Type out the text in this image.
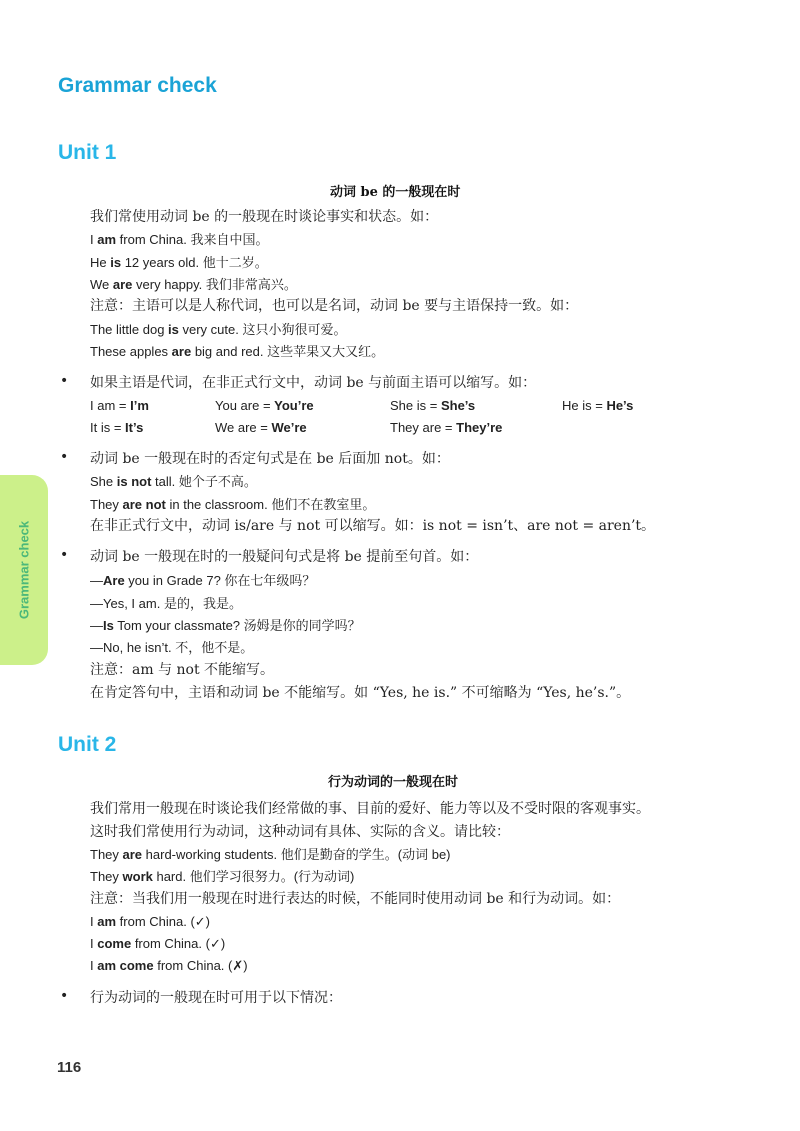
Grammar check
Grammar check
Unit 1
动词 be 的一般现在时
我们常使用动词 be 的一般现在时谈论事实和状态。如：
I am from China. 我来自中国。
He is 12 years old. 他十二岁。
We are very happy. 我们非常高兴。
注意：主语可以是人称代词，也可以是名词，动词 be 要与主语保持一致。如：
The little dog is very cute. 这只小狗很可爱。
These apples are big and red. 这些苹果又大又红。
• 如果主语是代词，在非正式行文中，动词 be 与前面主语可以缩写。如：
I am = I’m	You are = You’re	She is = She’s	He is = He’s
It is = It’s	We are = We’re	They are = They’re
• 动词 be 一般现在时的否定句式是在 be 后面加 not。如：
She is not tall. 她个子不高。
They are not in the classroom. 他们不在教室里。
在非正式行文中，动词 is/are 与 not 可以缩写。如：is not = isn’t、are not = aren’t。
• 动词 be 一般现在时的一般疑问句式是将 be 提前至句首。如：
—Are you in Grade 7? 你在七年级吗？
—Yes, I am. 是的，我是。
—Is Tom your classmate? 汤姆是你的同学吗？
—No, he isn’t. 不，他不是。
注意：am 与 not 不能缩写。
在肯定答句中，主语和动词 be 不能缩写。如 “Yes, he is.” 不可缩略为 “Yes, he’s.”。
Unit 2
行为动词的一般现在时
我们常用一般现在时谈论我们经常做的事、目前的爱好、能力等以及不受时限的客观事实。
这时我们常使用行为动词，这种动词有具体、实际的含义。请比较：
They are hard-working students. 他们是勤奋的学生。(动词 be)
They work hard. 他们学习很努力。(行为动词)
注意：当我们用一般现在时进行表达的时候，不能同时使用动词 be 和行为动词。如：
I am from China. (✓)
I come from China. (✓)
I am come from China. (✗)
• 行为动词的一般现在时可用于以下情况：
116
